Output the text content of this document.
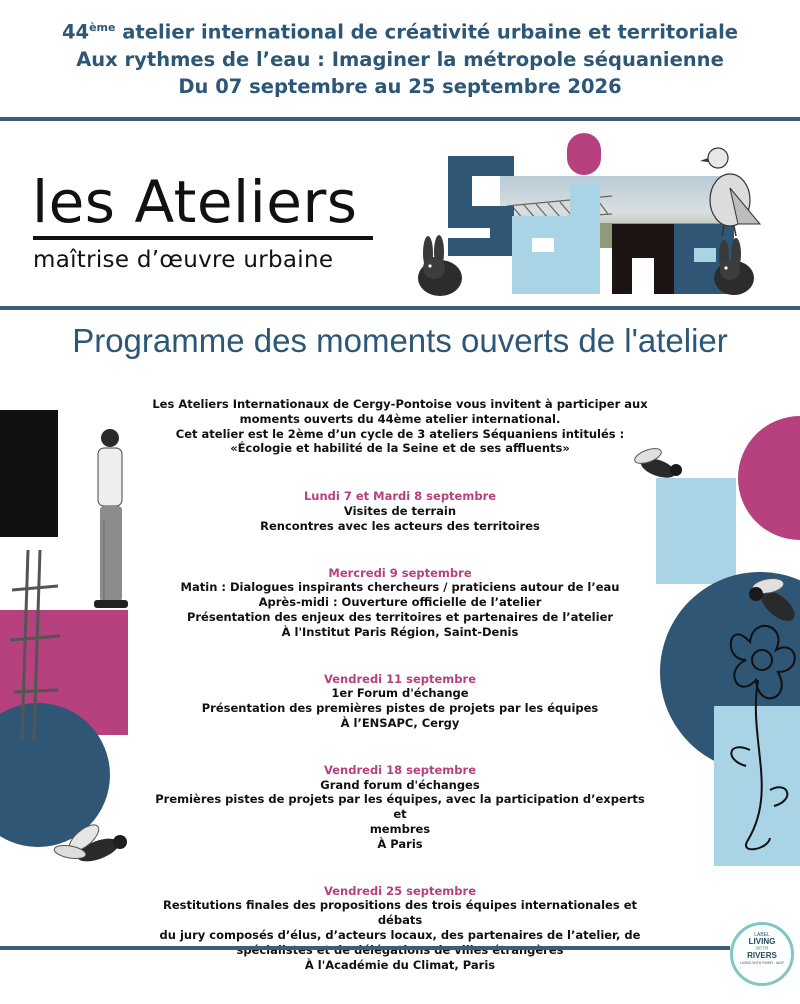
44ème atelier international de créativité urbaine et territoriale
Aux rythmes de l’eau : Imaginer la métropole séquanienne
Du 07 septembre au 25 septembre 2026
les Ateliers
maîtrise d’œuvre urbaine
Programme des moments ouverts de l'atelier
Les Ateliers Internationaux de Cergy-Pontoise vous invitent à participer aux
moments ouverts du 44ème atelier international.
Cet atelier est le 2ème d’un cycle de 3 ateliers Séquaniens intitulés :
«Écologie et habilité de la Seine et de ses affluents»
Lundi 7 et Mardi 8 septembre
Visites de terrain
Rencontres avec les acteurs des territoires
Mercredi 9 septembre
Matin : Dialogues inspirants chercheurs / praticiens autour de l’eau
Après-midi : Ouverture officielle de l’atelier
Présentation des enjeux des territoires et partenaires de l’atelier
À l'Institut Paris Région, Saint-Denis
Vendredi 11 septembre
1er Forum d'échange
Présentation des premières pistes de projets par les équipes
À l’ENSAPC, Cergy
Vendredi 18 septembre
Grand forum d'échanges
Premières pistes de projets par les équipes, avec la participation d’experts et
membres
À Paris
Vendredi 25 septembre
Restitutions finales des propositions des trois équipes internationales et débats
du jury composés d’élus, d’acteurs locaux, des partenaires de l’atelier, de
À l'Académie du Climat, Paris
LABEL
LIVING
WITH
RIVERS
LIVING WITH RIVER · IAGF
